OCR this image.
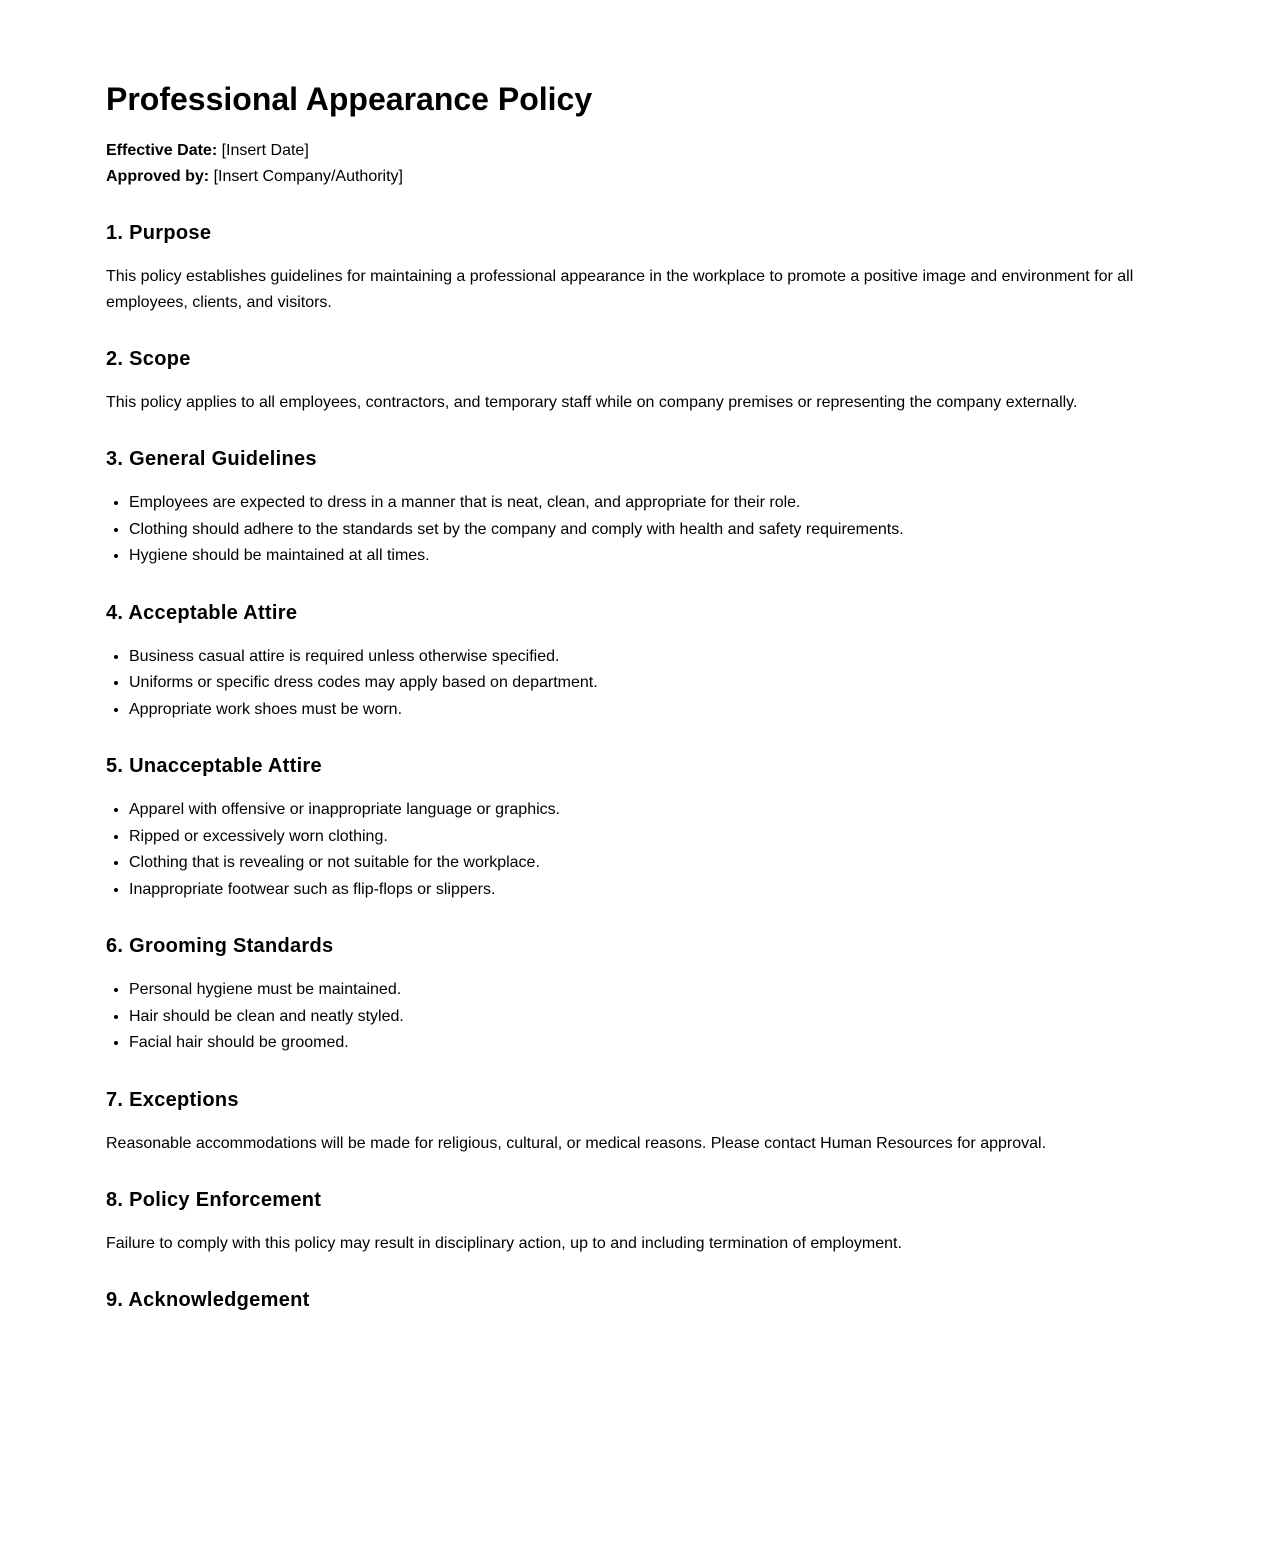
Professional Appearance Policy

Effective Date: [Insert Date]

Approved by: [Insert Company/Authority]

1. Purpose

This policy establishes guidelines for maintaining a professional appearance in the workplace to promote a positive image and environment for all employees, clients, and visitors.

2. Scope

This policy applies to all employees, contractors, and temporary staff while on company premises or representing the company externally.

3. General Guidelines
• Employees are expected to dress in a manner that is neat, clean, and appropriate for their role.
• Clothing should adhere to the standards set by the company and comply with health and safety requirements.
• Hygiene should be maintained at all times.
4. Acceptable Attire
• Business casual attire is required unless otherwise specified.
• Uniforms or specific dress codes may apply based on department.
• Appropriate work shoes must be worn.
5. Unacceptable Attire
• Apparel with offensive or inappropriate language or graphics.
• Ripped or excessively worn clothing.
• Clothing that is revealing or not suitable for the workplace.
• Inappropriate footwear such as flip-flops or slippers.
6. Grooming Standards
• Personal hygiene must be maintained.
• Hair should be clean and neatly styled.
• Facial hair should be groomed.
7. Exceptions

Reasonable accommodations will be made for religious, cultural, or medical reasons. Please contact Human Resources for approval.

8. Policy Enforcement

Failure to comply with this policy may result in disciplinary action, up to and including termination of employment.

9. Acknowledgement
